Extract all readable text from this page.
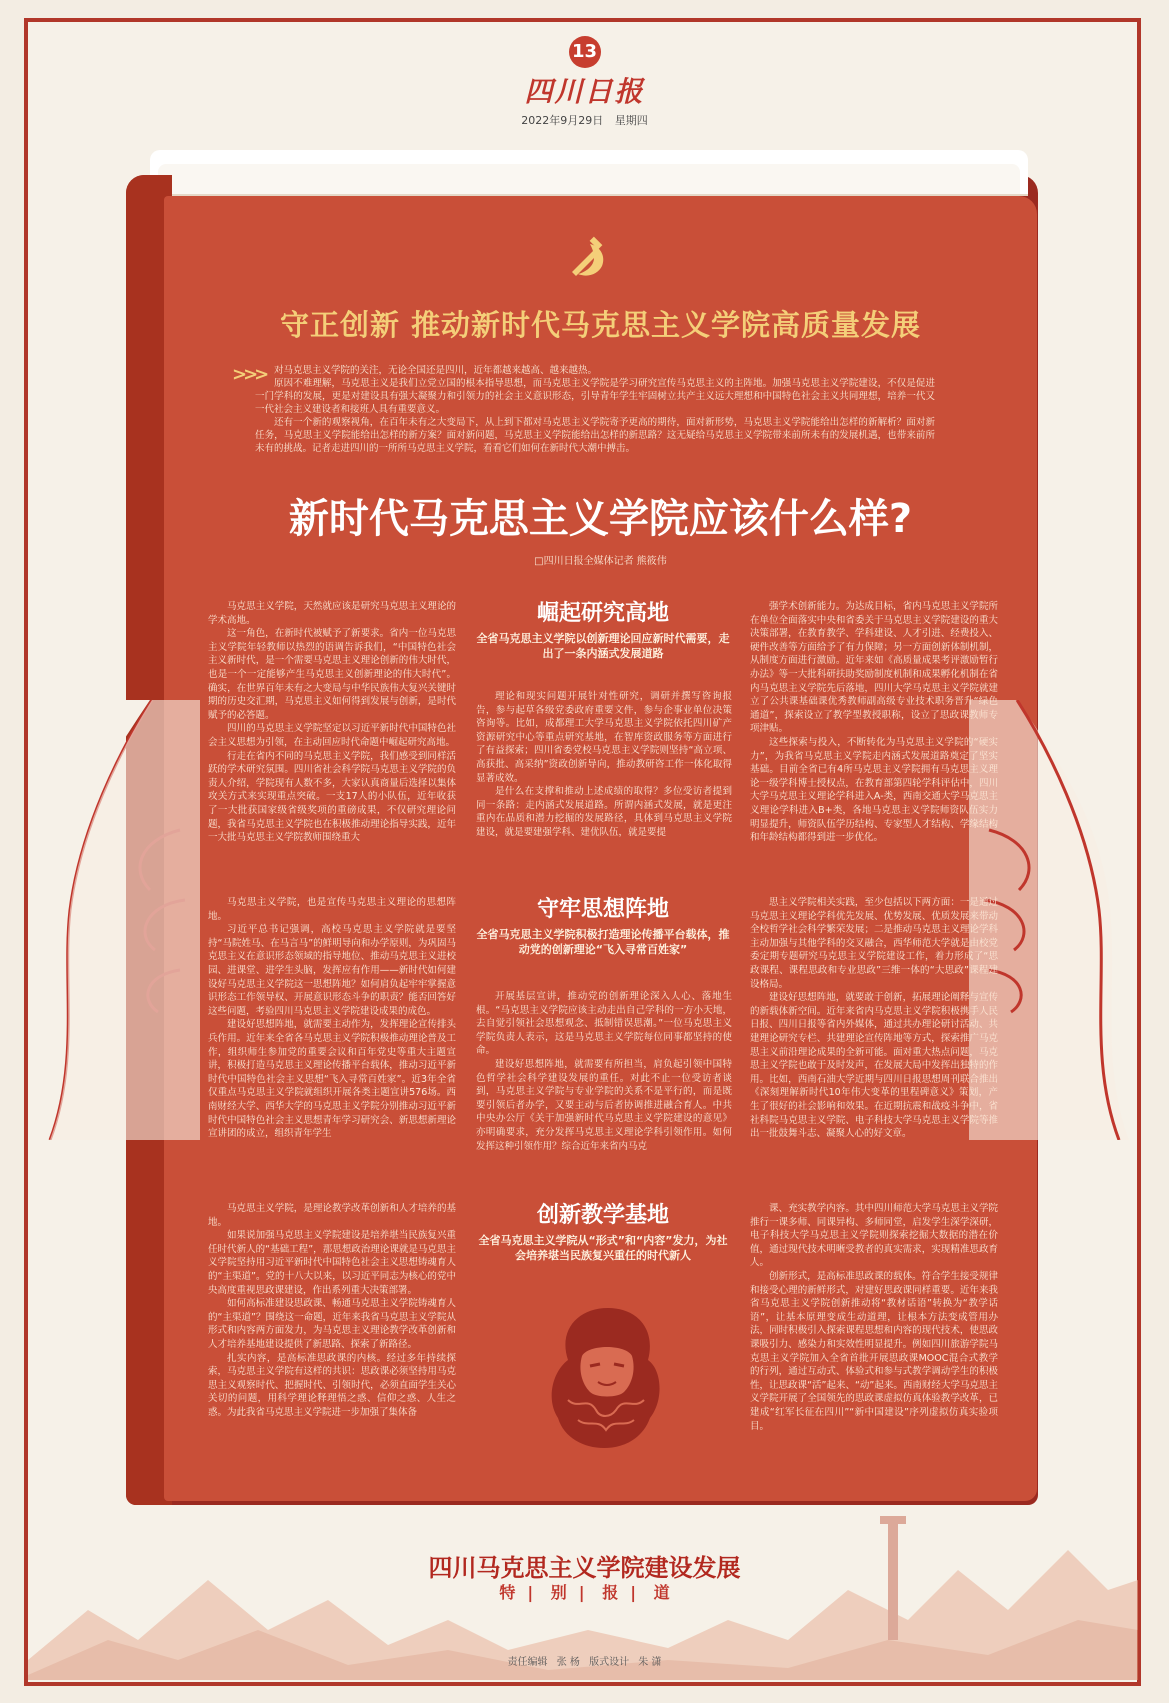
13
四川日报
2022年9月29日 星期四
守正创新 推动新时代马克思主义学院高质量发展
>>> 对马克思主义学院的关注，无论全国还是四川，近年都越来越高、越来越热。

原因不难理解，马克思主义是我们立党立国的根本指导思想，而马克思主义学院是学习研究宣传马克思主义的主阵地。加强马克思主义学院建设，不仅是促进一门学科的发展，更是对建设具有强大凝聚力和引领力的社会主义意识形态，引导青年学生牢固树立共产主义远大理想和中国特色社会主义共同理想，培养一代又一代社会主义建设者和接班人具有重要意义。

还有一个新的观察视角，在百年未有之大变局下，从上到下都对马克思主义学院寄予更高的期待，面对新形势，马克思主义学院能给出怎样的新解析？面对新任务，马克思主义学院能给出怎样的新方案？面对新问题，马克思主义学院能给出怎样的新思路？这无疑给马克思主义学院带来前所未有的发展机遇，也带来前所未有的挑战。记者走进四川的一所所马克思主义学院，看看它们如何在新时代大潮中搏击。

新时代马克思主义学院应该什么样?
□四川日报全媒体记者 熊筱伟

马克思主义学院，天然就应该是研究马克思主义理论的学术高地。

这一角色，在新时代被赋予了新要求。省内一位马克思主义学院年轻教师以热烈的语调告诉我们，“中国特色社会主义新时代，是一个需要马克思主义理论创新的伟大时代，也是一个一定能够产生马克思主义创新理论的伟大时代”。确实，在世界百年未有之大变局与中华民族伟大复兴关键时期的历史交汇期，马克思主义如何得到发展与创新，是时代赋予的必答题。

四川的马克思主义学院坚定以习近平新时代中国特色社会主义思想为引领，在主动回应时代命题中崛起研究高地。

行走在省内不同的马克思主义学院，我们感受到同样活跃的学术研究氛围。四川省社会科学院马克思主义学院的负责人介绍，学院现有人数不多，大家认真商量后选择以集体攻关方式来实现重点突破。一支17人的小队伍，近年收获了一大批获国家级省级奖项的重磅成果，不仅研究理论问题，我省马克思主义学院也在积极推动理论指导实践，近年一大批马克思主义学院教师围绕重大

崛起研究高地
全省马克思主义学院以创新理论回应新时代需要，走出了一条内涵式发展道路

理论和现实问题开展针对性研究，调研并撰写咨询报告，参与起草各级党委政府重要文件，参与企事业单位决策咨询等。比如，成都理工大学马克思主义学院依托四川矿产资源研究中心等重点研究基地，在智库资政服务等方面进行了有益探索；四川省委党校马克思主义学院则坚持“高立项、高获批、高采纳”资政创新导向，推动教研咨工作一体化取得显著成效。

是什么在支撑和推动上述成绩的取得？多位受访者提到同一条路：走内涵式发展道路。所谓内涵式发展，就是更注重内在品质和潜力挖掘的发展路径，具体到马克思主义学院建设，就是要建强学科、建优队伍，就是要提

强学术创新能力。为达成目标，省内马克思主义学院所在单位全面落实中央和省委关于马克思主义学院建设的重大决策部署，在教育教学、学科建设、人才引进、经费投入、硬件改善等方面给予了有力保障；另一方面创新体制机制，从制度方面进行激励。近年来如《高质量成果考评激励暂行办法》等一大批科研扶助奖励制度机制和成果孵化机制在省内马克思主义学院先后落地，四川大学马克思主义学院就建立了公共课基础课优秀教师副高级专业技术职务晋升“绿色通道”，探索设立了教学型教授职称，设立了思政课教师专项津贴。

这些探索与投入，不断转化为马克思主义学院的“硬实力”，为我省马克思主义学院走内涵式发展道路奠定了坚实基础。目前全省已有4所马克思主义学院拥有马克思主义理论一级学科博士授权点，在教育部第四轮学科评估中，四川大学马克思主义理论学科进入A-类，西南交通大学马克思主义理论学科进入B+类，各地马克思主义学院师资队伍实力明显提升，师资队伍学历结构、专家型人才结构、学缘结构和年龄结构都得到进一步优化。

马克思主义学院，也是宣传马克思主义理论的思想阵地。

习近平总书记强调，高校马克思主义学院就是要坚持“马院姓马、在马言马”的鲜明导向和办学原则，为巩固马克思主义在意识形态领域的指导地位、推动马克思主义进校园、进课堂、进学生头脑，发挥应有作用——新时代如何建设好马克思主义学院这一思想阵地？如何肩负起牢牢掌握意识形态工作领导权、开展意识形态斗争的职责？能否回答好这些问题，考验四川马克思主义学院建设成果的成色。

建设好思想阵地，就需要主动作为，发挥理论宣传排头兵作用。近年来全省各马克思主义学院积极推动理论普及工作，组织师生参加党的重要会议和百年党史等重大主题宣讲，积极打造马克思主义理论传播平台载体，推动习近平新时代中国特色社会主义思想“飞入寻常百姓家”。近3年全省仅重点马克思主义学院就组织开展各类主题宣讲576场。西南财经大学、西华大学的马克思主义学院分别推动习近平新时代中国特色社会主义思想青年学习研究会、新思想新理论宣讲团的成立，组织青年学生

守牢思想阵地
全省马克思主义学院积极打造理论传播平台载体，推动党的创新理论“飞入寻常百姓家”

开展基层宣讲，推动党的创新理论深入人心、落地生根。“马克思主义学院应该主动走出自己学科的一方小天地，去自觉引领社会思想观念、抵制错误思潮。”一位马克思主义学院负责人表示，这是马克思主义学院每位同事都坚持的使命。

建设好思想阵地，就需要有所担当，肩负起引领中国特色哲学社会科学建设发展的重任。对此不止一位受访者谈到，马克思主义学院与专业学院的关系不是平行的，而是既要引领后者办学，又要主动与后者协调推进融合育人。中共中央办公厅《关于加强新时代马克思主义学院建设的意见》亦明确要求，充分发挥马克思主义理论学科引领作用。如何发挥这种引领作用？综合近年来省内马克

思主义学院相关实践，至少包括以下两方面：一是通过马克思主义理论学科优先发展、优势发展、优质发展来带动全校哲学社会科学繁荣发展；二是推动马克思主义理论学科主动加强与其他学科的交叉融合，西华师范大学就是由校党委定期专题研究马克思主义学院建设工作，着力形成了“思政课程、课程思政和专业思政”三维一体的“大思政”课程建设格局。

建设好思想阵地，就要敢于创新，拓展理论阐释与宣传的新载体新空间。近年来省内马克思主义学院积极携手人民日报、四川日报等省内外媒体，通过共办理论研讨活动、共建理论研究专栏、共建理论宣传阵地等方式，探索推广马克思主义前沿理论成果的全新可能。面对重大热点问题，马克思主义学院也敢于及时发声，在发展大局中发挥出独特的作用。比如，西南石油大学近期与四川日报思想周刊联合推出《深刻理解新时代10年伟大变革的里程碑意义》策划，产生了很好的社会影响和效果。在近期抗震和战疫斗争中，省社科院马克思主义学院、电子科技大学马克思主义学院等推出一批鼓舞斗志、凝聚人心的好文章。

马克思主义学院，是理论教学改革创新和人才培养的基地。

如果说加强马克思主义学院建设是培养堪当民族复兴重任时代新人的“基础工程”，那思想政治理论课就是马克思主义学院坚持用习近平新时代中国特色社会主义思想铸魂育人的“主渠道”。党的十八大以来，以习近平同志为核心的党中央高度重视思政课建设，作出系列重大决策部署。

如何高标准建设思政课、畅通马克思主义学院铸魂育人的“主渠道”？围绕这一命题，近年来我省马克思主义学院从形式和内容两方面发力，为马克思主义理论教学改革创新和人才培养基地建设提供了新思路、探索了新路径。

扎实内容，是高标准思政课的内核。经过多年持续探索，马克思主义学院有这样的共识：思政课必须坚持用马克思主义观察时代、把握时代、引领时代，必须直面学生关心关切的问题，用科学理论释理悟之惑、信仰之惑、人生之惑。为此我省马克思主义学院进一步加强了集体备

创新教学基地
全省马克思主义学院从“形式”和“内容”发力，为社会培养堪当民族复兴重任的时代新人

课、充实教学内容。其中四川师范大学马克思主义学院推行一课多师、同课异构、多师同堂，启发学生深学深研，电子科技大学马克思主义学院则探索挖掘大数据的潜在价值，通过现代技术明晰受教者的真实需求，实现精准思政育人。

创新形式，是高标准思政课的载体。符合学生接受规律和接受心理的新鲜形式，对建好思政课同样重要。近年来我省马克思主义学院创新推动将“教材话语”转换为“教学话语”，让基本原理变成生动道理，让根本方法变成管用办法，同时积极引入探索课程思想和内容的现代技术，使思政课吸引力、感染力和实效性明显提升。例如四川旅游学院马克思主义学院加入全省首批开展思政课MOOC混合式教学的行列，通过互动式、体验式和参与式教学调动学生的积极性，让思政课“活”起来、“动”起来。西南财经大学马克思主义学院开展了全国领先的思政课虚拟仿真体验教学改革，已建成“红军长征在四川”“新中国建设”序列虚拟仿真实验项目。

四川马克思主义学院建设发展
特 | 别 | 报 | 道
责任编辑 张 杨 版式设计 朱 潇
